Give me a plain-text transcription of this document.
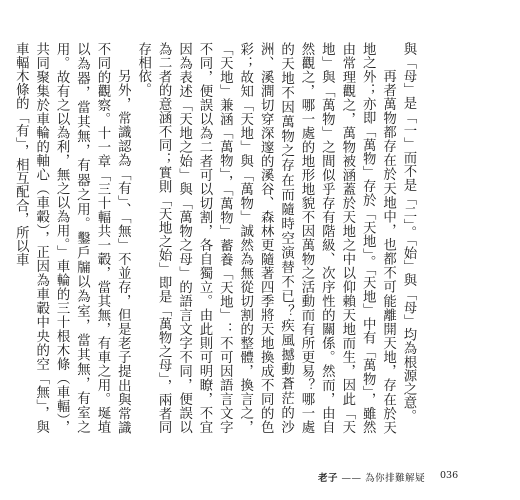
與「母」是「一」而不是「二」。「始」與「母」均為根源之意。

再者萬物都存在於天地中，也都不可能離開天地，存在於天地之外；亦即「萬物」存於「天地」。「天地」中有「萬物」，雖然由常理觀之，萬物被涵蓋於天地之中以仰賴天地而生，因此「天地」與「萬物」之間似乎存有階級、次序性的關係。然而，由自然觀之，哪一處的地形地貌不因萬物之活動而有所更易？哪一處的天地不因萬物之存在而隨時空演替不已？疾風撼動蒼茫的沙洲、溪澗切穿深邃的溪谷、森林更隨著四季將天地換成不同的色彩；故知「天地」與「萬物」誠然為無從切割的整體，換言之，「天地」兼涵「萬物」，「萬物」蓄養「天地」：不可因語言文字不同，便誤以為二者可以切割，各自獨立。由此則可明瞭，不宜因為表述「天地之始」與「萬物之母」的語言文字不同，便誤以為二者的意涵不同；實則「天地之始」即是「萬物之母」，兩者同存相依。

另外，常識認為「有」、「無」不並存，但是老子提出與常識不同的觀察。十一章「三十輻共一轂，當其無，有車之用。埏埴以為器，當其無，有器之用。鑿戶牖以為室，當其無，有室之用。故有之以為利，無之以為用。」車輪的三十根木條（車輻），共同聚集於車輪的軸心（車轂），正因為車轂中央的空「無」，與車輻木條的「有」，相互配合，所以車

老子 —— 為你排難解疑	036
